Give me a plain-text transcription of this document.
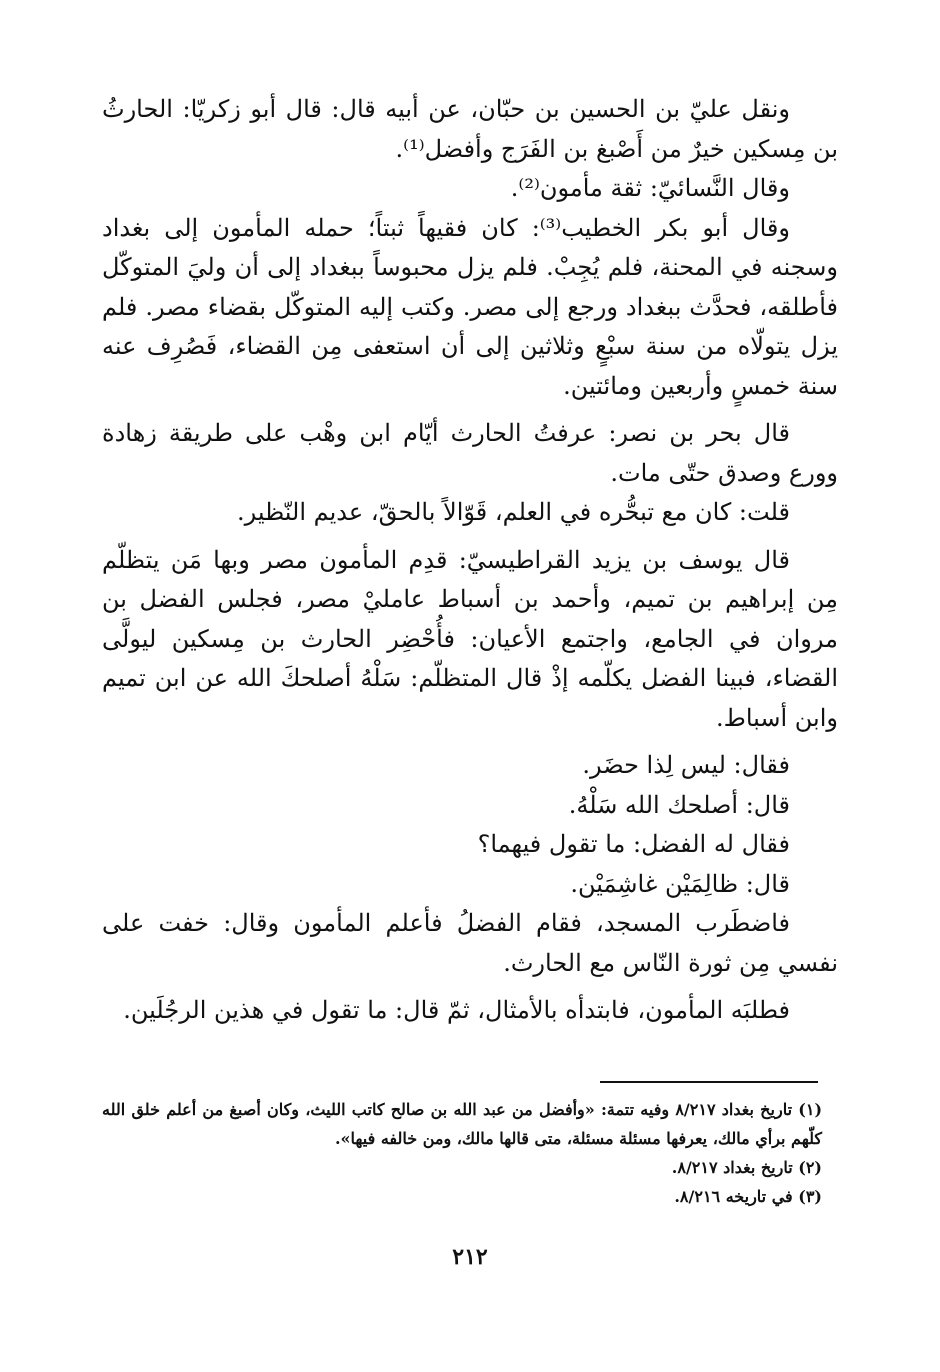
ونقل عليّ بن الحسين بن حبّان، عن أبيه قال: قال أبو زكريّا: الحارثُ بن مِسكين خيرٌ من أَصْبغ بن الفَرَج وأفضل⁽¹⁾.

وقال النَّسائيّ: ثقة مأمون⁽²⁾.

وقال أبو بكر الخطيب⁽³⁾: كان فقيهاً ثبتاً؛ حمله المأمون إلى بغداد وسجنه في المحنة، فلم يُجِبْ. فلم يزل محبوساً ببغداد إلى أن وليَ المتوكّل فأطلقه، فحدَّث ببغداد ورجع إلى مصر. وكتب إليه المتوكّل بقضاء مصر. فلم يزل يتولّاه من سنة سبْعٍ وثلاثين إلى أن استعفى مِن القضاء، فَصُرِف عنه سنة خمسٍ وأربعين ومائتين.

قال بحر بن نصر: عرفتُ الحارث أيّام ابن وهْب على طريقة زهادة وورع وصدق حتّى مات.

قلت: كان مع تبحُّره في العلم، قَوّالاً بالحقّ، عديم النّظير.

قال يوسف بن يزيد القراطيسيّ: قدِم المأمون مصر وبها مَن يتظلّم مِن إبراهيم بن تميم، وأحمد بن أسباط عامليْ مصر، فجلس الفضل بن مروان في الجامع، واجتمع الأعيان: فأُحْضِر الحارث بن مِسكين ليولَّى القضاء، فبينا الفضل يكلّمه إذْ قال المتظلّم: سَلْهُ أصلحكَ الله عن ابن تميم وابن أسباط.

فقال: ليس لِذا حضَر.

قال: أصلحك الله سَلْهُ.

فقال له الفضل: ما تقول فيهما؟

قال: ظالِمَيْن غاشِمَيْن.

فاضطَرب المسجد، فقام الفضلُ فأعلم المأمون وقال: خفت على نفسي مِن ثورة النّاس مع الحارث.

فطلبَه المأمون، فابتدأه بالأمثال، ثمّ قال: ما تقول في هذين الرجُلَين.

(١) تاريخ بغداد ٨/٢١٧ وفيه تتمة: «وأفضل من عبد الله بن صالح كاتب الليث، وكان أصبغ من أعلم خلق الله كلّهم برأي مالك، يعرفها مسئلة مسئلة، متى قالها مالك، ومن خالفه فيها».

(٢) تاريخ بغداد ٨/٢١٧.

(٣) في تاريخه ٨/٢١٦.

٢١٢
